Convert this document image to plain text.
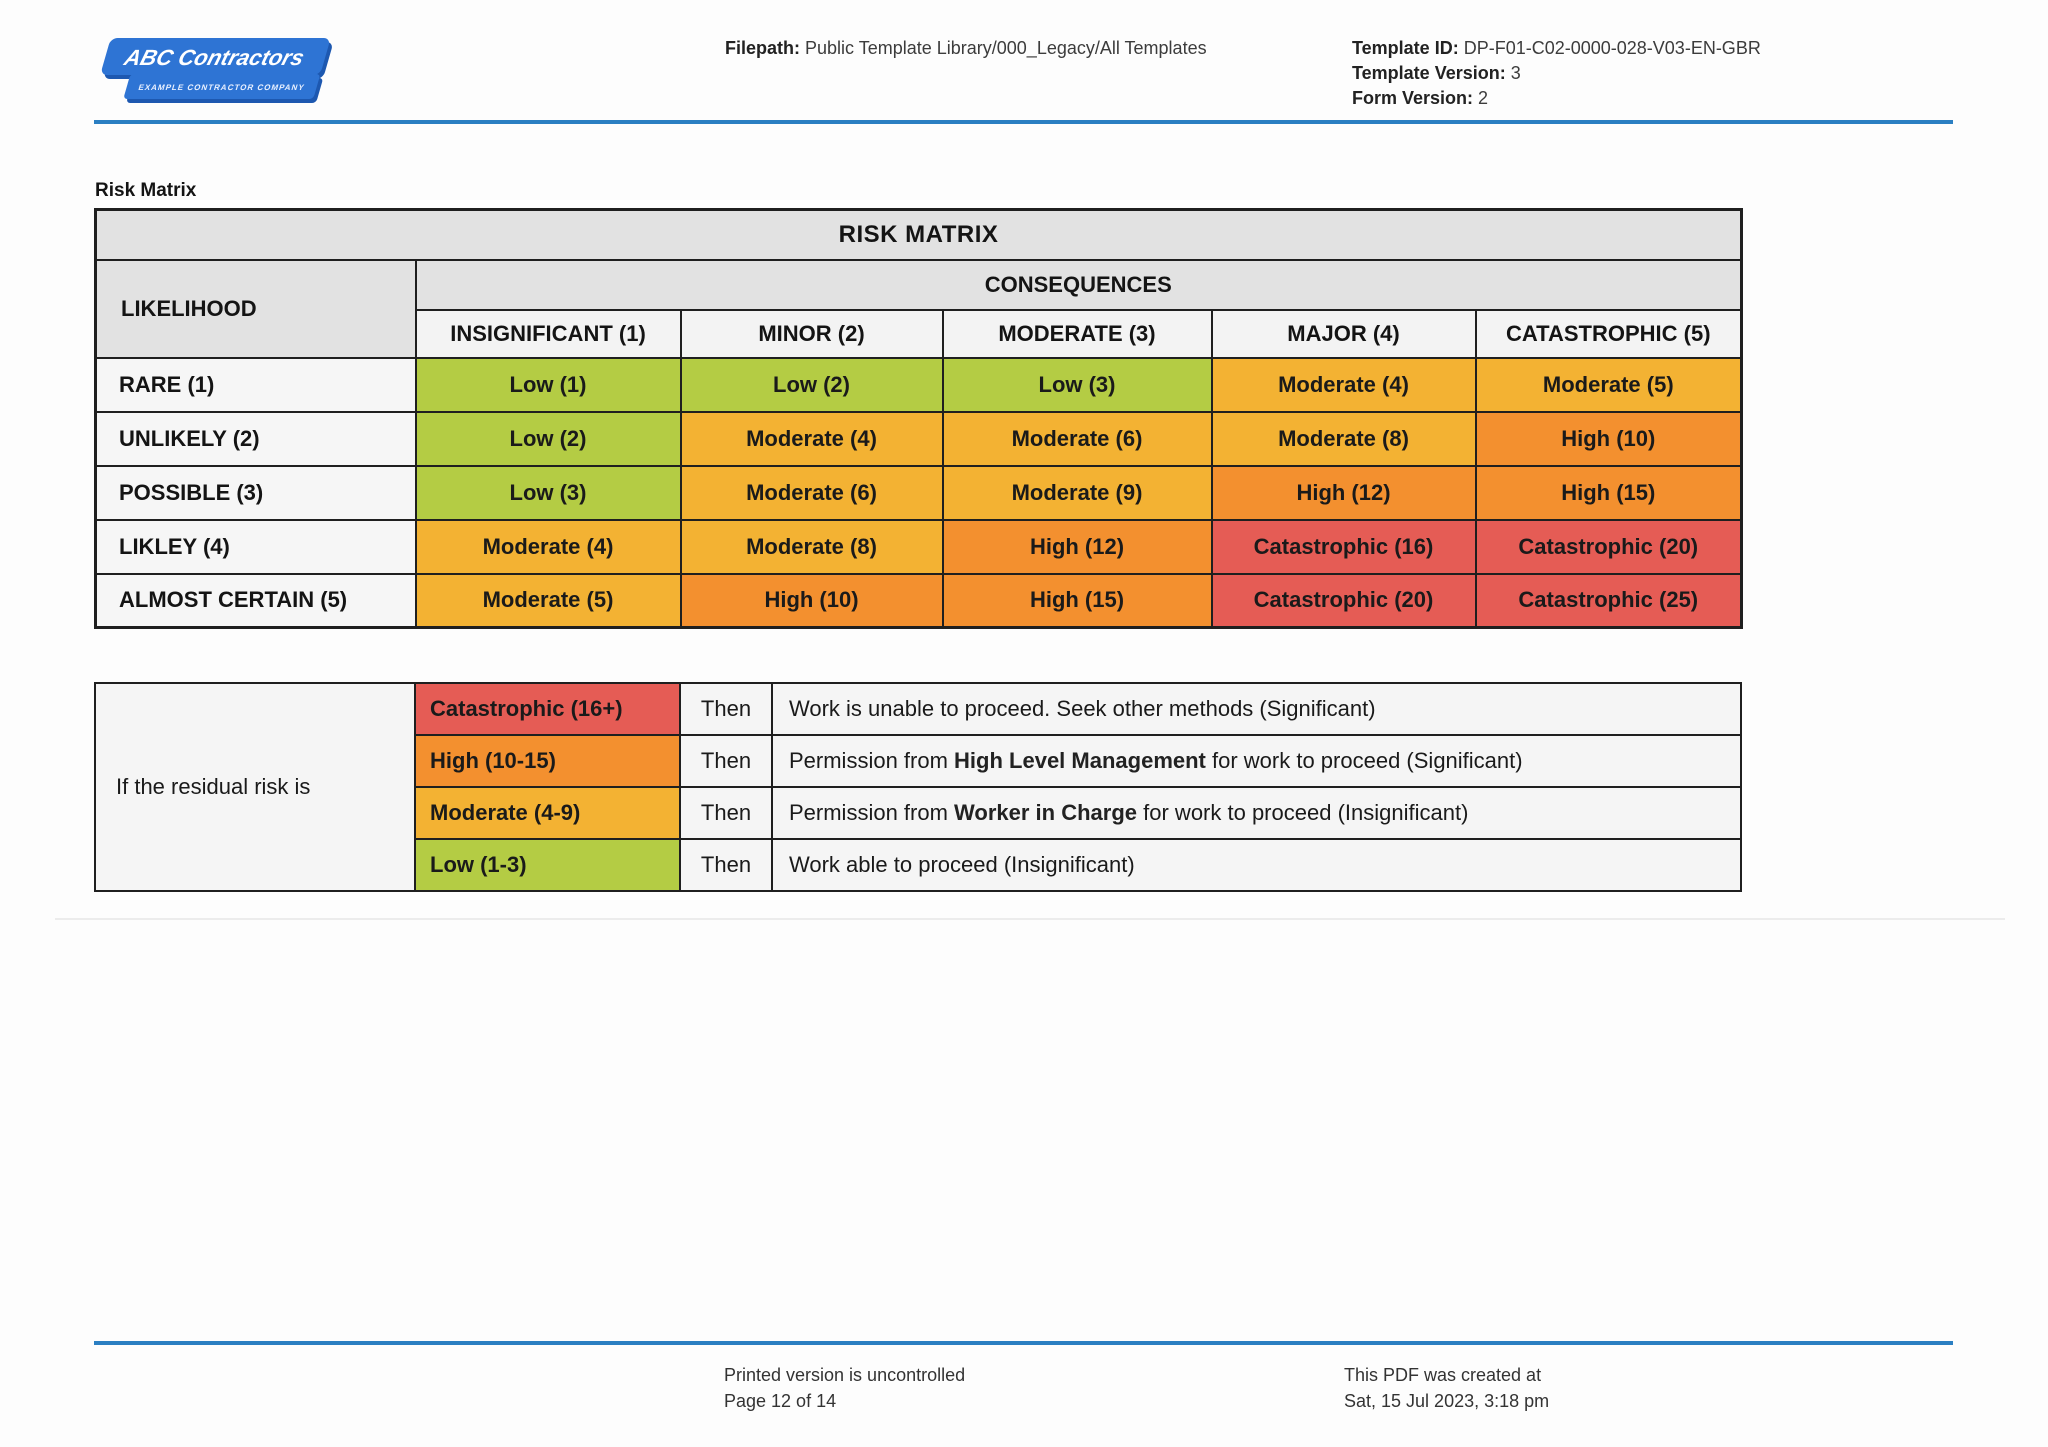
ABC Contractors
EXAMPLE CONTRACTOR COMPANY
Filepath: Public Template Library/000_Legacy/All Templates	Template ID: DP-F01-C02-0000-028-V03-EN-GBR
Template Version: 3
Form Version: 2
Risk Matrix
RISK MATRIX					
LIKELIHOOD	CONSEQUENCES				
	INSIGNIFICANT (1)	MINOR (2)	MODERATE (3)	MAJOR (4)	CATASTROPHIC (5)
RARE (1)	Low (1)	Low (2)	Low (3)	Moderate (4)	Moderate (5)
UNLIKELY (2)	Low (2)	Moderate (4)	Moderate (6)	Moderate (8)	High (10)
POSSIBLE (3)	Low (3)	Moderate (6)	Moderate (9)	High (12)	High (15)
LIKLEY (4)	Moderate (4)	Moderate (8)	High (12)	Catastrophic (16)	Catastrophic (20)
ALMOST CERTAIN (5)	Moderate (5)	High (10)	High (15)	Catastrophic (20)	Catastrophic (25)
If the residual risk is	Catastrophic (16+)	Then	Work is unable to proceed. Seek other methods (Significant)
	High (10-15)	Then	Permission from High Level Management for work to proceed (Significant)
	Moderate (4-9)	Then	Permission from Worker in Charge for work to proceed (Insignificant)
	Low (1-3)	Then	Work able to proceed (Insignificant)
Printed version is uncontrolled
Page 12 of 14
This PDF was created at
Sat, 15 Jul 2023, 3:18 pm
